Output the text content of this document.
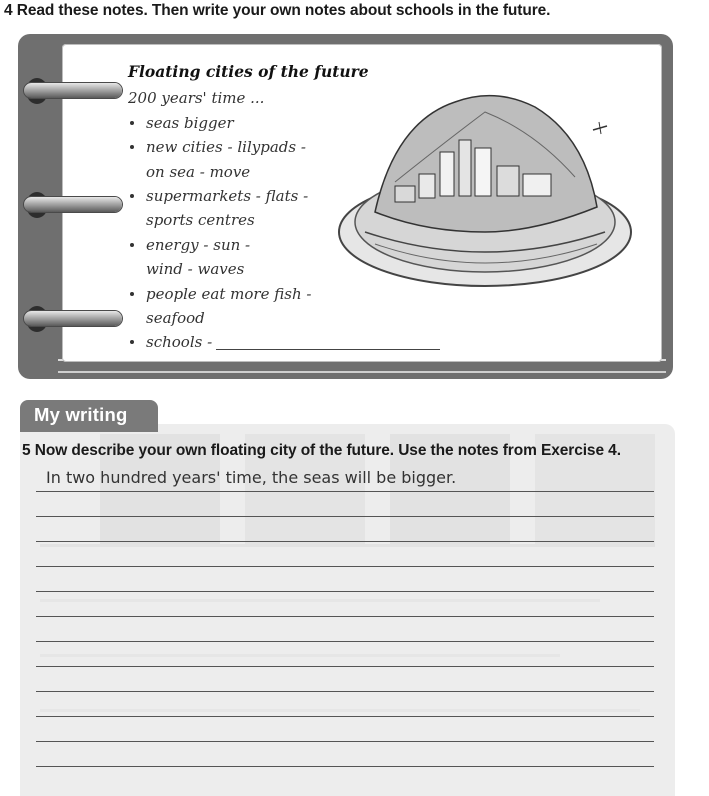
4 Read these notes. Then write your own notes about schools in the future.

Floating cities of the future

200 years' time ...

seas bigger
new cities - lilypads -
on sea - move
supermarkets - flats -
sports centres
energy - sun -
wind - waves
people eat more fish -
seafood
schools -

5 Now describe your own floating city of the future. Use the notes from Exercise 4.

In two hundred years' time, the seas will be bigger.
My writing
